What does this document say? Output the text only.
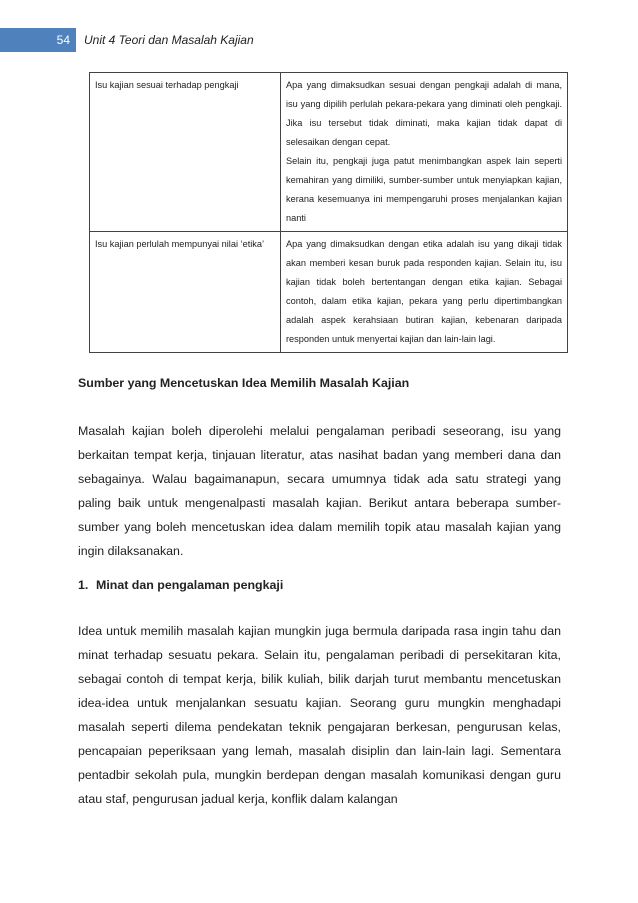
54	Unit 4 Teori dan Masalah Kajian
Isu kajian sesuai terhadap pengkaji	Apa yang dimaksudkan sesuai dengan pengkaji adalah di mana, isu yang dipilih perlulah pekara-pekara yang diminati oleh pengkaji. Jika isu tersebut tidak diminati, maka kajian tidak dapat di selesaikan dengan cepat.
Selain itu, pengkaji juga patut menimbangkan aspek lain seperti kemahiran yang dimiliki, sumber-sumber untuk menyiapkan kajian, kerana kesemuanya ini mempengaruhi proses menjalankan kajian nanti

Isu kajian perlulah mempunyai nilai ‘etika’	Apa yang dimaksudkan dengan etika adalah isu yang dikaji tidak akan memberi kesan buruk pada responden kajian. Selain itu, isu kajian tidak boleh bertentangan dengan etika kajian. Sebagai contoh, dalam etika kajian, pekara yang perlu dipertimbangkan adalah aspek kerahsiaan butiran kajian, kebenaran daripada responden untuk menyertai kajian dan lain-lain lagi.
Sumber yang Mencetuskan Idea Memilih Masalah Kajian
Masalah kajian boleh diperolehi melalui pengalaman peribadi seseorang, isu yang berkaitan tempat kerja, tinjauan literatur, atas nasihat badan yang memberi dana dan sebagainya. Walau bagaimanapun, secara umumnya tidak ada satu strategi yang paling baik untuk mengenalpasti masalah kajian. Berikut antara beberapa sumber-sumber yang boleh mencetuskan idea dalam memilih topik atau masalah kajian yang ingin dilaksanakan.
1. Minat dan pengalaman pengkaji
Idea untuk memilih masalah kajian mungkin juga bermula daripada rasa ingin tahu dan minat terhadap sesuatu pekara. Selain itu, pengalaman peribadi di persekitaran kita, sebagai contoh di tempat kerja, bilik kuliah, bilik darjah turut membantu mencetuskan idea-idea untuk menjalankan sesuatu kajian. Seorang guru mungkin menghadapi masalah seperti dilema pendekatan teknik pengajaran berkesan, pengurusan kelas, pencapaian peperiksaan yang lemah, masalah disiplin dan lain-lain lagi. Sementara pentadbir sekolah pula, mungkin berdepan dengan masalah komunikasi dengan guru atau staf, pengurusan jadual kerja, konflik dalam kalangan
